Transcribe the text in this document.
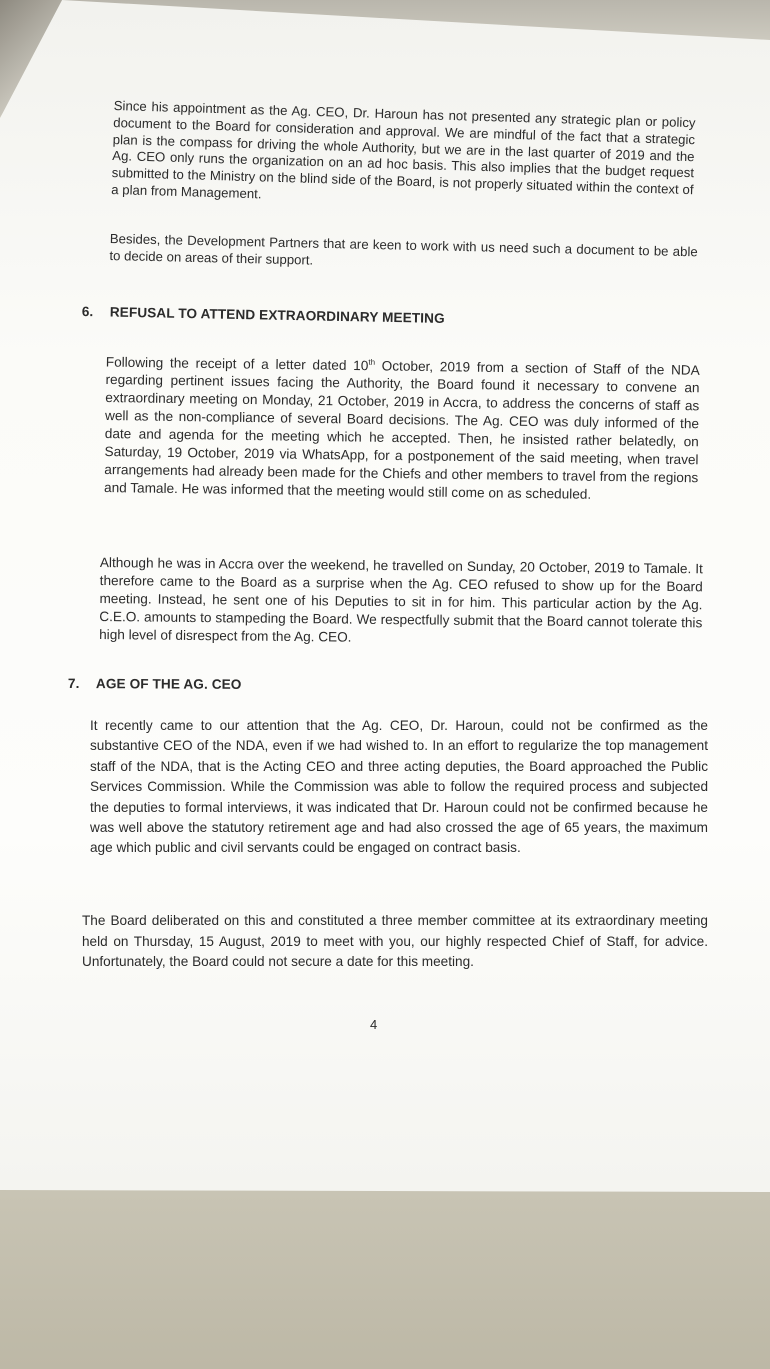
Since his appointment as the Ag. CEO, Dr. Haroun has not presented any strategic plan or policy document to the Board for consideration and approval. We are mindful of the fact that a strategic plan is the compass for driving the whole Authority, but we are in the last quarter of 2019 and the Ag. CEO only runs the organization on an ad hoc basis. This also implies that the budget request submitted to the Ministry on the blind side of the Board, is not properly situated within the context of a plan from Management.

Besides, the Development Partners that are keen to work with us need such a document to be able to decide on areas of their support.

6. REFUSAL TO ATTEND EXTRAORDINARY MEETING

Following the receipt of a letter dated 10th October, 2019 from a section of Staff of the NDA regarding pertinent issues facing the Authority, the Board found it necessary to convene an extraordinary meeting on Monday, 21 October, 2019 in Accra, to address the concerns of staff as well as the non-compliance of several Board decisions. The Ag. CEO was duly informed of the date and agenda for the meeting which he accepted. Then, he insisted rather belatedly, on Saturday, 19 October, 2019 via WhatsApp, for a postponement of the said meeting, when travel arrangements had already been made for the Chiefs and other members to travel from the regions and Tamale. He was informed that the meeting would still come on as scheduled.

Although he was in Accra over the weekend, he travelled on Sunday, 20 October, 2019 to Tamale. It therefore came to the Board as a surprise when the Ag. CEO refused to show up for the Board meeting. Instead, he sent one of his Deputies to sit in for him. This particular action by the Ag. C.E.O. amounts to stampeding the Board. We respectfully submit that the Board cannot tolerate this high level of disrespect from the Ag. CEO.

7. AGE OF THE AG. CEO

It recently came to our attention that the Ag. CEO, Dr. Haroun, could not be confirmed as the substantive CEO of the NDA, even if we had wished to. In an effort to regularize the top management staff of the NDA, that is the Acting CEO and three acting deputies, the Board approached the Public Services Commission. While the Commission was able to follow the required process and subjected the deputies to formal interviews, it was indicated that Dr. Haroun could not be confirmed because he was well above the statutory retirement age and had also crossed the age of 65 years, the maximum age which public and civil servants could be engaged on contract basis.

The Board deliberated on this and constituted a three member committee at its extraordinary meeting held on Thursday, 15 August, 2019 to meet with you, our highly respected Chief of Staff, for advice. Unfortunately, the Board could not secure a date for this meeting.

4
